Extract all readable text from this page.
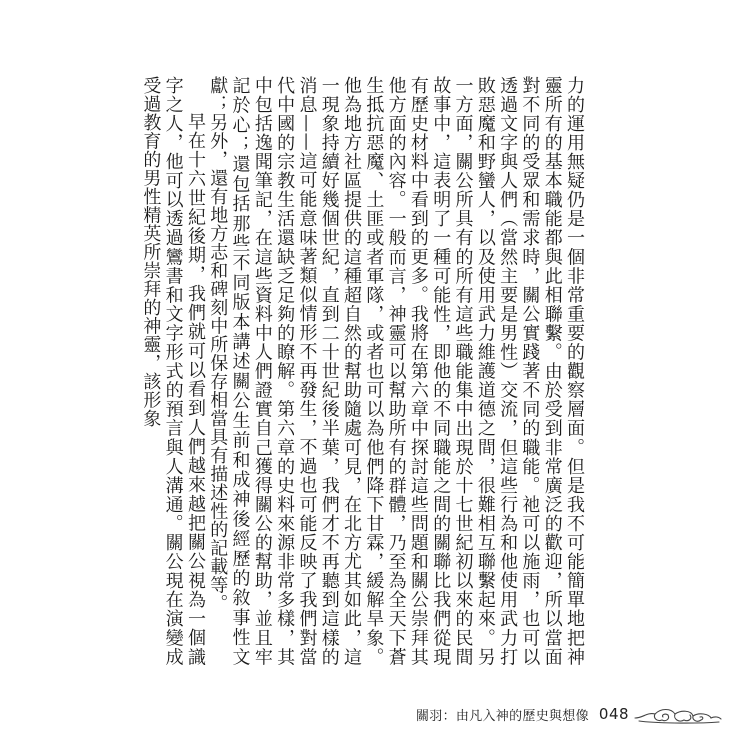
力的運用無疑仍是一個非常重要的觀察層面。但是我不可能簡單地把神靈所有的基本職能都與此相聯繫。由於受到非常廣泛的歡迎，所以當面對不同的受眾和需求時，關公實踐著不同的職能。祂可以施雨，也可以透過文字與人們（當然主要是男性）交流，但這些行為和他使用武力打敗惡魔和野蠻人，以及使用武力維護道德之間，很難相互聯繫起來。另一方面，關公所具有的所有這些職能集中出現於十七世紀初以來的民間故事中，這表明了一種可能性，即他的不同職能之間的關聯比我們從現有歷史材料中看到的更多。我將在第六章中探討這些問題和關公崇拜其他方面的內容。一般而言，神靈可以幫助所有的群體，乃至為全天下蒼生抵抗惡魔、土匪或者軍隊，或者也可以為他們降下甘霖，緩解旱象。他為地方社區提供的這種超自然的幫助隨處可見，在北方尤其如此，這一現象持續好幾個世紀，直到二十世紀後半葉，我們才不再聽到這樣的消息——這可能意味著類似情形不再發生，不過也可能反映了我們對當代中國的宗教生活還缺乏足夠的瞭解。第六章的史料來源非常多樣，其中包括逸聞筆記，在這些資料中人們證實自己獲得關公的幫助，並且牢記於心；還包括那些不同版本講述關公生前和成神後經歷的敘事性文獻；另外，還有地方志和碑刻中所保存相當具有描述性的記載等。

早在十六世紀後期，我們就可以看到人們越來越把關公視為一個識字之人，他可以透過鸞書和文字形式的預言與人溝通。關公現在演變成受過教育的男性精英所崇拜的神靈，該形象

關羽：由凡入神的歷史與想像 048
